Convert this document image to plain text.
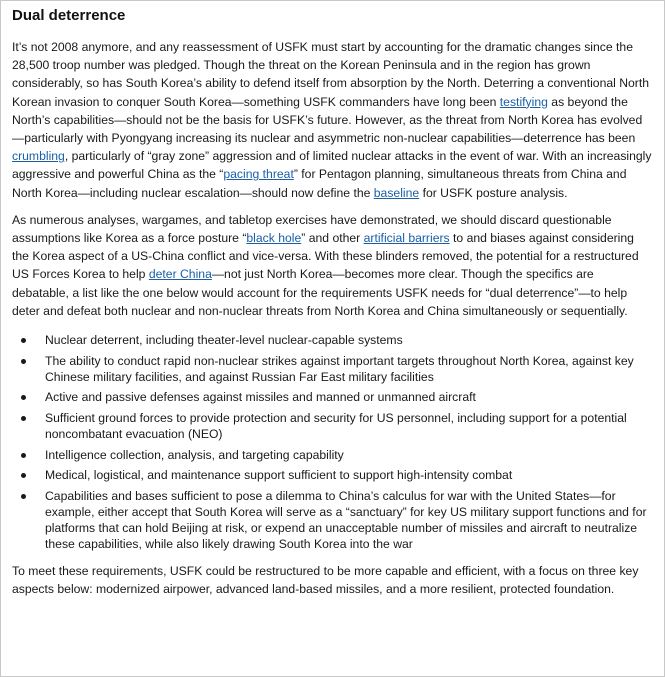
Dual deterrence

It’s not 2008 anymore, and any reassessment of USFK must start by accounting for the dramatic changes since the 28,500 troop number was pledged. Though the threat on the Korean Peninsula and in the region has grown considerably, so has South Korea’s ability to defend itself from absorption by the North. Deterring a conventional North Korean invasion to conquer South Korea—something USFK commanders have long been testifying as beyond the North’s capabilities—should not be the basis for USFK’s future. However, as the threat from North Korea has evolved—particularly with Pyongyang increasing its nuclear and asymmetric non-nuclear capabilities—deterrence has been crumbling, particularly of “gray zone” aggression and of limited nuclear attacks in the event of war. With an increasingly aggressive and powerful China as the “pacing threat” for Pentagon planning, simultaneous threats from China and North Korea—including nuclear escalation—should now define the baseline for USFK posture analysis.

As numerous analyses, wargames, and tabletop exercises have demonstrated, we should discard questionable assumptions like Korea as a force posture “black hole” and other artificial barriers to and biases against considering the Korea aspect of a US-China conflict and vice-versa. With these blinders removed, the potential for a restructured US Forces Korea to help deter China—not just North Korea—becomes more clear. Though the specifics are debatable, a list like the one below would account for the requirements USFK needs for “dual deterrence”—to help deter and defeat both nuclear and non-nuclear threats from North Korea and China simultaneously or sequentially.

Nuclear deterrent, including theater-level nuclear-capable systems
The ability to conduct rapid non-nuclear strikes against important targets throughout North Korea, against key Chinese military facilities, and against Russian Far East military facilities
Active and passive defenses against missiles and manned or unmanned aircraft
Sufficient ground forces to provide protection and security for US personnel, including support for a potential noncombatant evacuation (NEO)
Intelligence collection, analysis, and targeting capability
Medical, logistical, and maintenance support sufficient to support high-intensity combat
Capabilities and bases sufficient to pose a dilemma to China’s calculus for war with the United States—for example, either accept that South Korea will serve as a “sanctuary” for key US military support functions and for platforms that can hold Beijing at risk, or expend an unacceptable number of missiles and aircraft to neutralize these capabilities, while also likely drawing South Korea into the war

To meet these requirements, USFK could be restructured to be more capable and efficient, with a focus on three key aspects below: modernized airpower, advanced land-based missiles, and a more resilient, protected foundation.
